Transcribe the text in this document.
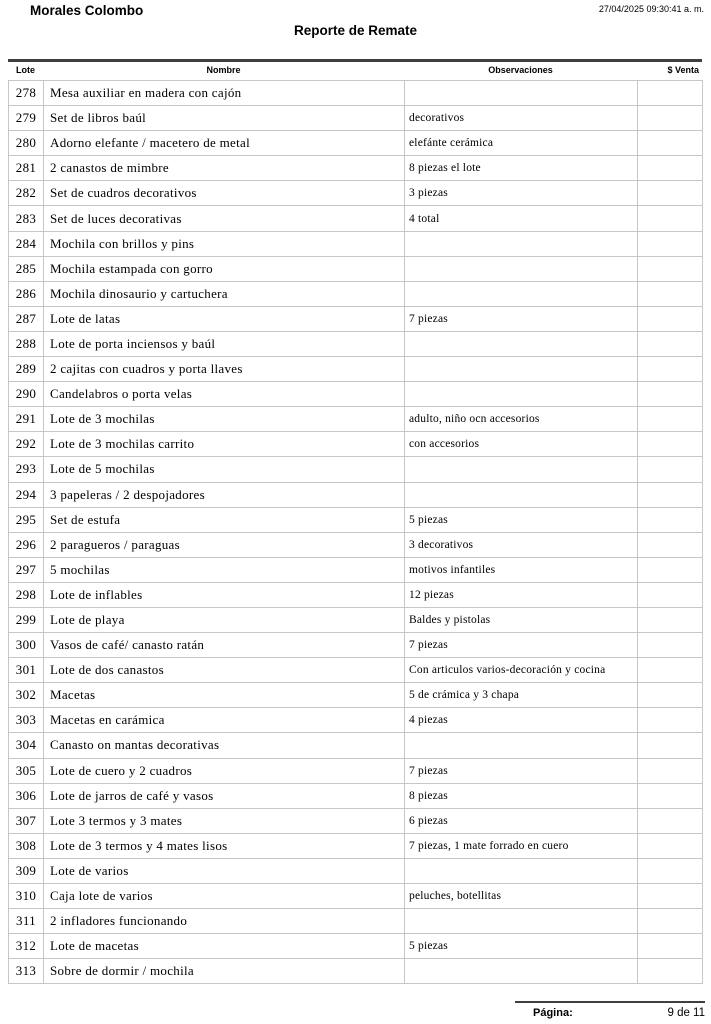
Morales Colombo	27/04/2025 09:30:41 a. m.
Reporte de Remate
Lote	Nombre	Observaciones	$ Venta
278	Mesa auxiliar en madera con cajón		
279	Set de libros baúl	decorativos	
280	Adorno elefante / macetero de metal	elefánte cerámica	
281	2 canastos de mimbre	8 piezas el lote	
282	Set de cuadros decorativos	3 piezas	
283	Set de luces decorativas	4 total	
284	Mochila con brillos y pins		
285	Mochila estampada con gorro		
286	Mochila dinosaurio y cartuchera		
287	Lote de latas	7 piezas	
288	Lote de porta inciensos y baúl		
289	2 cajitas con cuadros y porta llaves		
290	Candelabros o porta velas		
291	Lote de 3 mochilas	adulto, niño ocn accesorios	
292	Lote de 3 mochilas carrito	con accesorios	
293	Lote de 5 mochilas		
294	3 papeleras / 2 despojadores		
295	Set de estufa	5 piezas	
296	2 paragueros / paraguas	3 decorativos	
297	5 mochilas	motivos infantiles	
298	Lote de inflables	12 piezas	
299	Lote de playa	Baldes y pistolas	
300	Vasos de café/ canasto ratán	7 piezas	
301	Lote de dos canastos	Con articulos varios-decoración y cocina	
302	Macetas	5 de crámica y 3 chapa	
303	Macetas en carámica	4 piezas	
304	Canasto on mantas decorativas		
305	Lote de cuero y 2 cuadros	7 piezas	
306	Lote de jarros de café y vasos	8 piezas	
307	Lote 3 termos y 3 mates	6 piezas	
308	Lote de 3 termos y 4 mates lisos	7 piezas, 1 mate forrado en cuero	
309	Lote de varios		
310	Caja lote de varios	peluches, botellitas	
311	2 infladores funcionando		
312	Lote de macetas	5 piezas	
313	Sobre de dormir / mochila		
Página:	9 de 11
